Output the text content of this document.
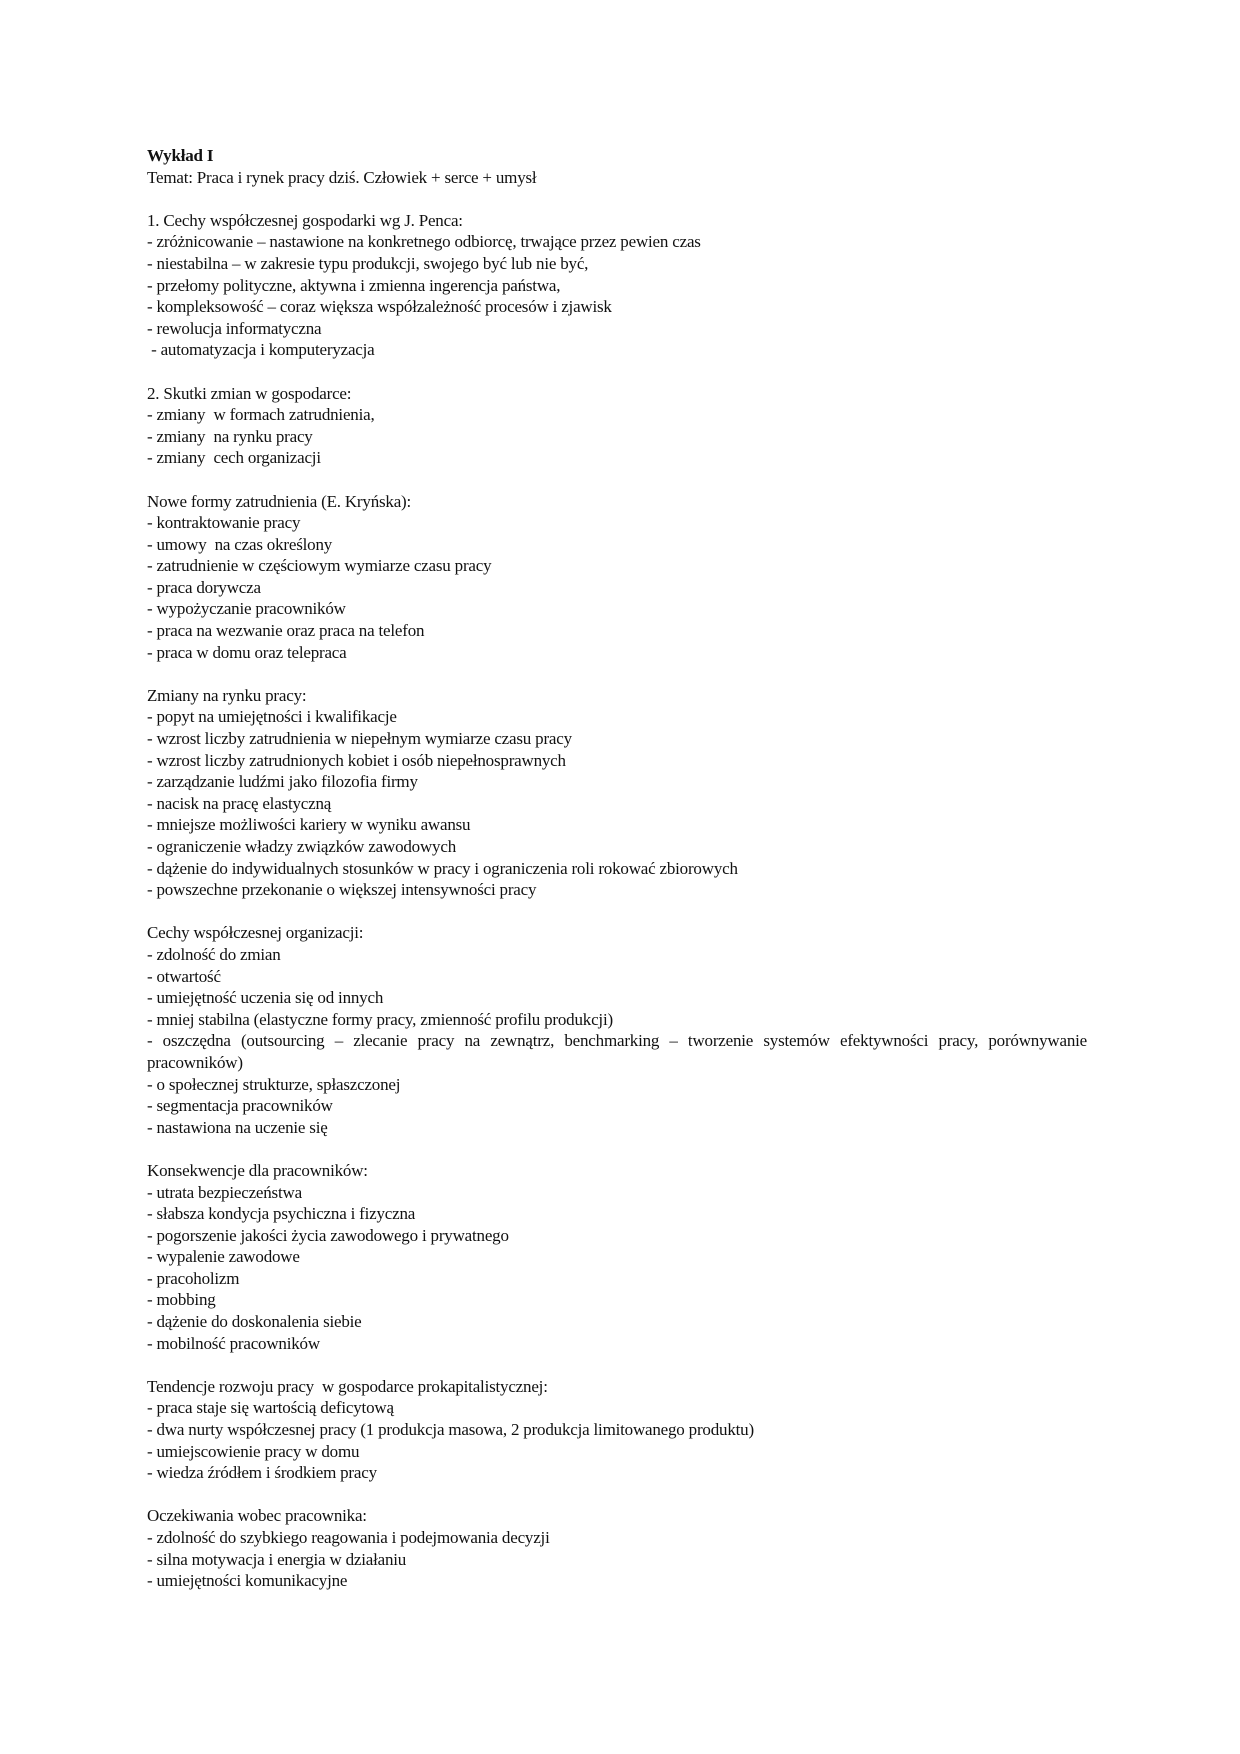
Wykład I
Temat: Praca i rynek pracy dziś. Człowiek + serce + umysł
1. Cechy współczesnej gospodarki wg J. Penca:
- zróżnicowanie – nastawione na konkretnego odbiorcę, trwające przez pewien czas
- niestabilna – w zakresie typu produkcji, swojego być lub nie być,
- przełomy polityczne, aktywna i zmienna ingerencja państwa,
- kompleksowość – coraz większa współzależność procesów i zjawisk
- rewolucja informatyczna
- automatyzacja i komputeryzacja
2. Skutki zmian w gospodarce:
- zmiany  w formach zatrudnienia,
- zmiany  na rynku pracy
- zmiany  cech organizacji
Nowe formy zatrudnienia (E. Kryńska):
- kontraktowanie pracy
- umowy  na czas określony
- zatrudnienie w częściowym wymiarze czasu pracy
- praca dorywcza
- wypożyczanie pracowników
- praca na wezwanie oraz praca na telefon
- praca w domu oraz telepraca
Zmiany na rynku pracy:
- popyt na umiejętności i kwalifikacje
- wzrost liczby zatrudnienia w niepełnym wymiarze czasu pracy
- wzrost liczby zatrudnionych kobiet i osób niepełnosprawnych
- zarządzanie ludźmi jako filozofia firmy
- nacisk na pracę elastyczną
- mniejsze możliwości kariery w wyniku awansu
- ograniczenie władzy związków zawodowych
- dążenie do indywidualnych stosunków w pracy i ograniczenia roli rokować zbiorowych
- powszechne przekonanie o większej intensywności pracy
Cechy współczesnej organizacji:
- zdolność do zmian
- otwartość
- umiejętność uczenia się od innych
- mniej stabilna (elastyczne formy pracy, zmienność profilu produkcji)
- oszczędna (outsourcing – zlecanie pracy na zewnątrz, benchmarking – tworzenie systemów efektywności pracy, porównywanie pracowników)
- o społecznej strukturze, spłaszczonej
- segmentacja pracowników
- nastawiona na uczenie się
Konsekwencje dla pracowników:
- utrata bezpieczeństwa
- słabsza kondycja psychiczna i fizyczna
- pogorszenie jakości życia zawodowego i prywatnego
- wypalenie zawodowe
- pracoholizm
- mobbing
- dążenie do doskonalenia siebie
- mobilność pracowników
Tendencje rozwoju pracy  w gospodarce prokapitalistycznej:
- praca staje się wartością deficytową
- dwa nurty współczesnej pracy (1 produkcja masowa, 2 produkcja limitowanego produktu)
- umiejscowienie pracy w domu
- wiedza źródłem i środkiem pracy
Oczekiwania wobec pracownika:
- zdolność do szybkiego reagowania i podejmowania decyzji
- silna motywacja i energia w działaniu
- umiejętności komunikacyjne
